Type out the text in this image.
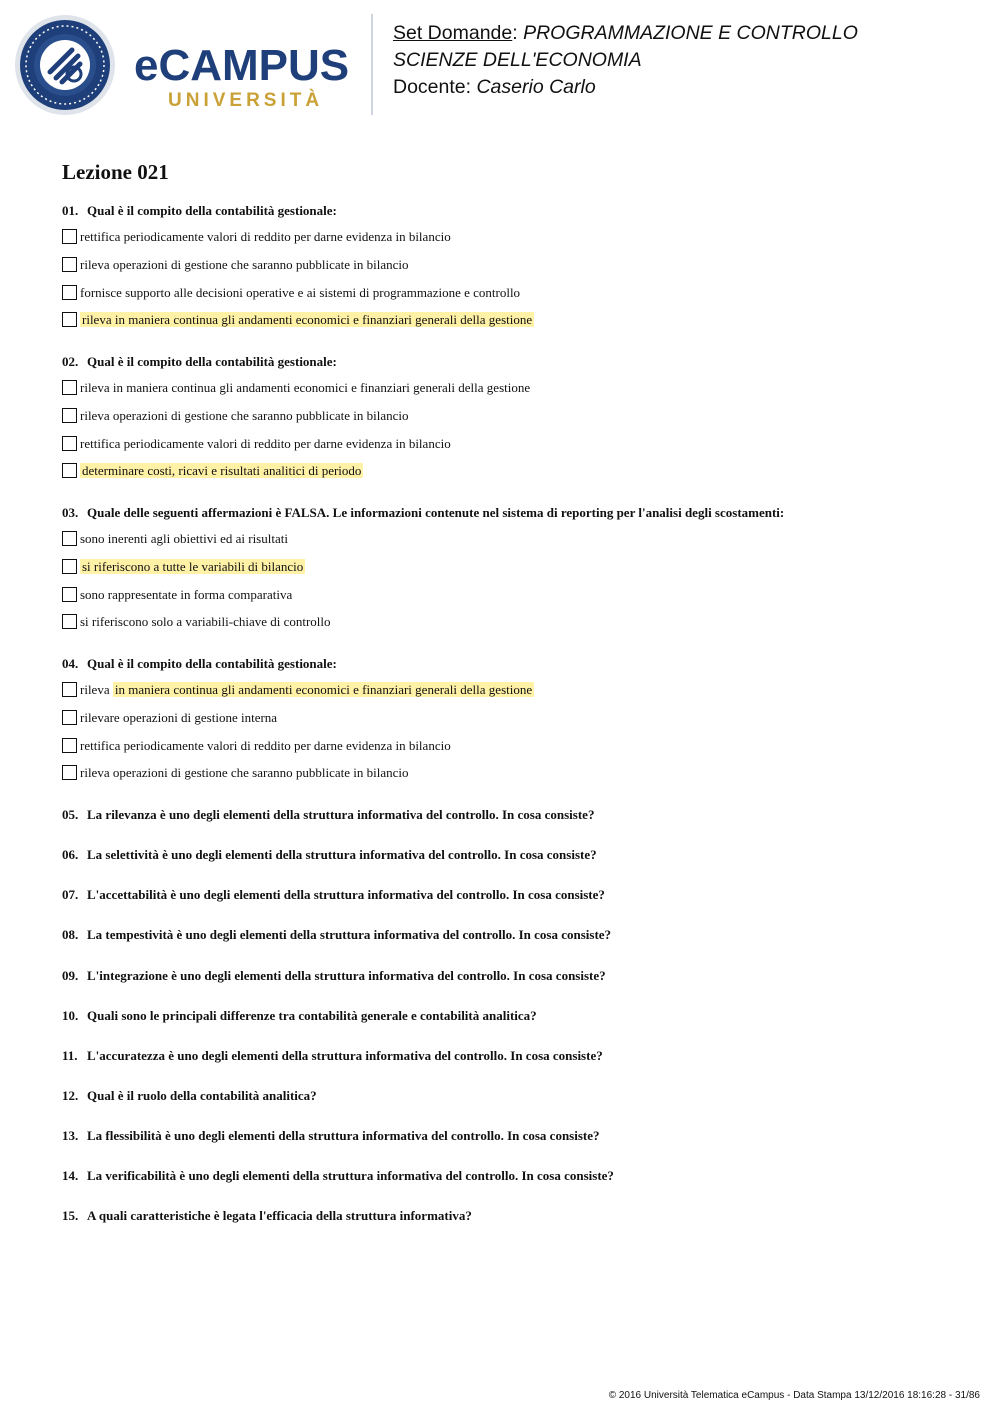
eCAMPUS
UNIVERSITÀ
Set Domande: PROGRAMMAZIONE E CONTROLLO
SCIENZE DELL'ECONOMIA
Docente: Caserio Carlo
Lezione 021
01. Qual è il compito della contabilità gestionale:
rettifica periodicamente valori di reddito per darne evidenza in bilancio
rileva operazioni di gestione che saranno pubblicate in bilancio
fornisce supporto alle decisioni operative e ai sistemi di programmazione e controllo
rileva in maniera continua gli andamenti economici e finanziari generali della gestione
02. Qual è il compito della contabilità gestionale:
rileva in maniera continua gli andamenti economici e finanziari generali della gestione
rileva operazioni di gestione che saranno pubblicate in bilancio
rettifica periodicamente valori di reddito per darne evidenza in bilancio
determinare costi, ricavi e risultati analitici di periodo
03. Quale delle seguenti affermazioni è FALSA. Le informazioni contenute nel sistema di reporting per l'analisi degli scostamenti:
sono inerenti agli obiettivi ed ai risultati
si riferiscono a tutte le variabili di bilancio
sono rappresentate in forma comparativa
si riferiscono solo a variabili-chiave di controllo
04. Qual è il compito della contabilità gestionale:
rileva in maniera continua gli andamenti economici e finanziari generali della gestione
rilevare operazioni di gestione interna
rettifica periodicamente valori di reddito per darne evidenza in bilancio
rileva operazioni di gestione che saranno pubblicate in bilancio
05. La rilevanza è uno degli elementi della struttura informativa del controllo. In cosa consiste?
06. La selettività è uno degli elementi della struttura informativa del controllo. In cosa consiste?
07. L'accettabilità è uno degli elementi della struttura informativa del controllo. In cosa consiste?
08. La tempestività è uno degli elementi della struttura informativa del controllo. In cosa consiste?
09. L'integrazione è uno degli elementi della struttura informativa del controllo. In cosa consiste?
10. Quali sono le principali differenze tra contabilità generale e contabilità analitica?
11. L'accuratezza è uno degli elementi della struttura informativa del controllo. In cosa consiste?
12. Qual è il ruolo della contabilità analitica?
13. La flessibilità è uno degli elementi della struttura informativa del controllo. In cosa consiste?
14. La verificabilità è uno degli elementi della struttura informativa del controllo. In cosa consiste?
15. A quali caratteristiche è legata l'efficacia della struttura informativa?
© 2016 Università Telematica eCampus - Data Stampa 13/12/2016 18:16:28 - 31/86
